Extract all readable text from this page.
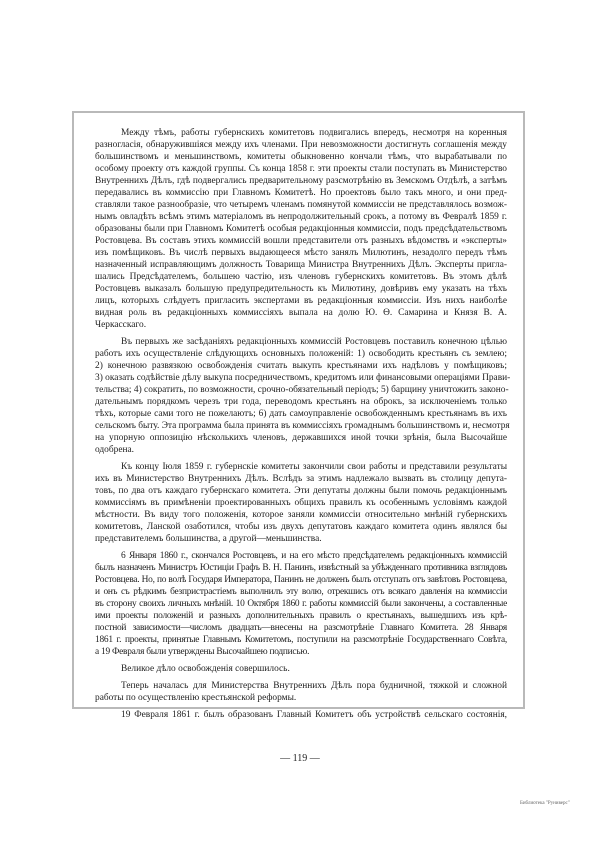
Между тѣмъ, работы губернскихъ комитетовъ подвигались впередъ, несмотря на коренныя
разногласія, обнаружившіяся между ихъ членами. При невозможности достигнуть соглашенія между
большинствомъ и меньшинствомъ, комитеты обыкновенно кончали тѣмъ, что вырабатывали по
особому проекту отъ каждой группы. Съ конца 1858 г. эти проекты стали поступать въ Министерство
Внутреннихъ Дѣлъ, гдѣ подвергались предварительному разсмотрѣнію въ Земскомъ Отдѣлѣ, а затѣмъ
передавались въ коммиссію при Главномъ Комитетѣ. Но проектовъ было такъ много, и они пред-
ставляли такое разнообразіе, что четыремъ членамъ помянутой коммиссіи не представлялось возмож-
нымъ овладѣть всѣмъ этимъ матеріаломъ въ непродолжительный срокъ, а потому въ Февралѣ 1859 г.
образованы были при Главномъ Комитетѣ особыя редакціонныя коммиссіи, подъ предсѣдательствомъ
Ростовцева. Въ составъ этихъ коммиссій вошли представители отъ разныхъ вѣдомствъ и «эксперты»
изъ помѣщиковъ. Въ числѣ первыхъ выдающееся мѣсто занялъ Милютинъ, незадолго передъ тѣмъ
назначенный исправляющимъ должность Товарища Министра Внутреннихъ Дѣлъ. Эксперты пригла-
шались Предсѣдателемъ, большею частію, изъ членовъ губернскихъ комитетовъ. Въ этомъ дѣлѣ
Ростовцевъ выказалъ большую предупредительность къ Милютину, довѣривъ ему указать на тѣхъ
лицъ, которыхъ слѣдуетъ пригласить экспертами въ редакціонныя коммиссіи. Изъ нихъ наиболѣе
видная роль въ редакціонныхъ коммиссіяхъ выпала на долю Ю. Ѳ. Самарина и Князя В. А.
Черкасскаго.
Въ первыхъ же засѣданіяхъ редакціонныхъ коммиссій Ростовцевъ поставилъ конечною цѣлью
работъ ихъ осуществленіе слѣдующихъ основныхъ положеній: 1) освободить крестьянъ съ землею;
2) конечною развязкою освобожденія считать выкупъ крестьянами ихъ надѣловъ у помѣщиковъ;
3) оказать содѣйствіе дѣлу выкупа посредничествомъ, кредитомъ или финансовыми операціями Прави-
тельства; 4) сократить, по возможности, срочно-обязательный періодъ; 5) барщину уничтожить законо-
дательнымъ порядкомъ черезъ три года, переводомъ крестьянъ на оброкъ, за исключеніемъ только
тѣхъ, которые сами того не пожелаютъ; 6) дать самоуправленіе освобожденнымъ крестьянамъ въ ихъ
сельскомъ быту. Эта программа была принята въ коммиссіяхъ громаднымъ большинствомъ и, несмотря
на упорную оппозицію нѣсколькихъ членовъ, державшихся иной точки зрѣнія, была Высочайше
одобрена.
Къ концу Іюля 1859 г. губернскіе комитеты закончили свои работы и представили результаты
ихъ въ Министерство Внутреннихъ Дѣлъ. Вслѣдъ за этимъ надлежало вызвать въ столицу депута-
товъ, по два отъ каждаго губернскаго комитета. Эти депутаты должны были помочь редакціоннымъ
коммиссіямъ въ примѣненіи проектированныхъ общихъ правилъ къ особеннымъ условіямъ каждой
мѣстности. Въ виду того положенія, которое заняли коммиссіи относительно мнѣній губернскихъ
комитетовъ, Ланской озаботился, чтобы изъ двухъ депутатовъ каждаго комитета одинъ являлся бы
представителемъ большинства, а другой—меньшинства.
6 Января 1860 г., скончался Ростовцевъ, и на его мѣсто предсѣдателемъ редакціонныхъ коммиссій
былъ назначенъ Министръ Юстиціи Графъ В. Н. Панинъ, извѣстный за убѣжденнаго противника взглядовъ
Ростовцева. Но, по волѣ Государя Императора, Панинъ не долженъ былъ отступать отъ завѣтовъ Ростовцева,
и онъ съ рѣдкимъ безпристрастіемъ выполнилъ эту волю, отрекшись отъ всякаго давленія на коммиссіи
въ сторону своихъ личныхъ мнѣній. 10 Октября 1860 г. работы коммиссій были закончены, а составленные
ими проекты положеній и разныхъ дополнительныхъ правилъ о крестьянахъ, вышедшихъ изъ крѣ-
постной зависимости—числомъ двадцать—внесены на разсмотрѣніе Главнаго Комитета. 28 Января
1861 г. проекты, принятые Главнымъ Комитетомъ, поступили на разсмотрѣніе Государственнаго Совѣта,
а 19 Февраля были утверждены Высочайшею подписью.
Великое дѣло освобожденія совершилось.
Теперь началась для Министерства Внутреннихъ Дѣлъ пора будничной, тяжкой и сложной
работы по осуществленію крестьянской реформы.
19 Февраля 1861 г. былъ образованъ Главный Комитетъ объ устройствѣ сельскаго состоянія,
— 119 —
Библиотека "Руниверс"
